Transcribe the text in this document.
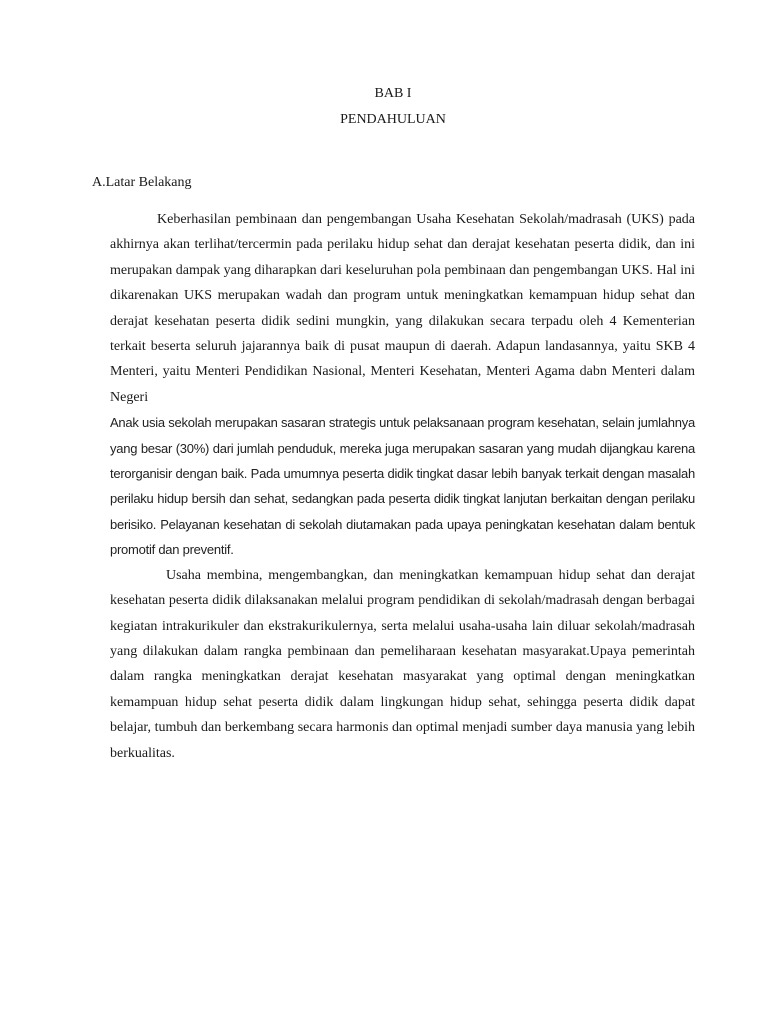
BAB I
PENDAHULUAN
A.Latar Belakang

Keberhasilan pembinaan dan pengembangan Usaha Kesehatan Sekolah/madrasah (UKS) pada akhirnya akan terlihat/tercermin pada perilaku hidup sehat dan derajat kesehatan peserta didik, dan ini merupakan dampak yang diharapkan dari keseluruhan pola pembinaan dan pengembangan UKS. Hal ini dikarenakan UKS merupakan wadah dan program untuk meningkatkan kemampuan hidup sehat dan derajat kesehatan peserta didik sedini mungkin, yang dilakukan secara terpadu oleh 4 Kementerian terkait beserta seluruh jajarannya baik di pusat maupun di daerah. Adapun landasannya, yaitu SKB 4 Menteri, yaitu Menteri Pendidikan Nasional, Menteri Kesehatan, Menteri Agama dabn Menteri dalam Negeri

Anak usia sekolah merupakan sasaran strategis untuk pelaksanaan program kesehatan, selain jumlahnya yang besar (30%) dari jumlah penduduk, mereka juga merupakan sasaran yang mudah dijangkau karena terorganisir dengan baik. Pada umumnya peserta didik tingkat dasar lebih banyak terkait dengan masalah perilaku hidup bersih dan sehat, sedangkan pada peserta didik tingkat lanjutan berkaitan dengan perilaku berisiko. Pelayanan kesehatan di sekolah diutamakan pada upaya peningkatan kesehatan dalam bentuk promotif dan preventif.

Usaha membina, mengembangkan, dan meningkatkan kemampuan hidup sehat dan derajat kesehatan peserta didik dilaksanakan melalui program pendidikan di sekolah/madrasah dengan berbagai kegiatan intrakurikuler dan ekstrakurikulernya, serta melalui usaha-usaha lain diluar sekolah/madrasah yang dilakukan dalam rangka pembinaan dan pemeliharaan kesehatan masyarakat.Upaya pemerintah dalam rangka meningkatkan derajat kesehatan masyarakat yang optimal dengan meningkatkan kemampuan hidup sehat peserta didik dalam lingkungan hidup sehat, sehingga peserta didik dapat belajar, tumbuh dan berkembang secara harmonis dan optimal menjadi sumber daya manusia yang lebih berkualitas.
